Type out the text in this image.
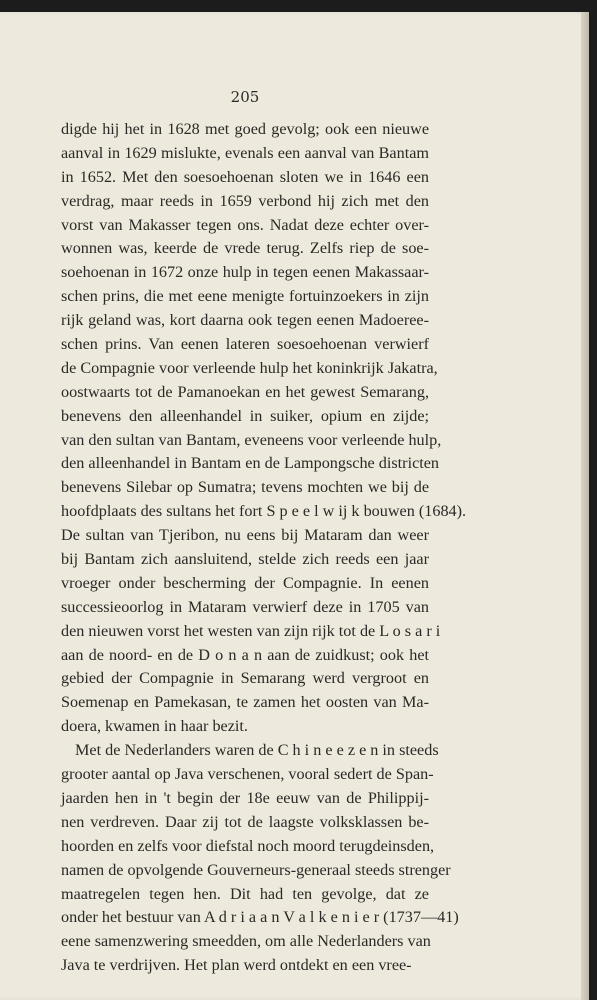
205
digde hij het in 1628 met goed gevolg; ook een nieuwe
aanval in 1629 mislukte, evenals een aanval van Bantam
in 1652. Met den soesoehoenan sloten we in 1646 een
verdrag, maar reeds in 1659 verbond hij zich met den
vorst van Makasser tegen ons. Nadat deze echter over-
wonnen was, keerde de vrede terug. Zelfs riep de soe-
soehoenan in 1672 onze hulp in tegen eenen Makassaar-
schen prins, die met eene menigte fortuinzoekers in zijn
rijk geland was, kort daarna ook tegen eenen Madoeree-
schen prins. Van eenen lateren soesoehoenan verwierf
de Compagnie voor verleende hulp het koninkrijk Jakatra,
oostwaarts tot de Pamanoekan en het gewest Semarang,
benevens den alleenhandel in suiker, opium en zijde;
van den sultan van Bantam, eveneens voor verleende hulp,
den alleenhandel in Bantam en de Lampongsche districten
benevens Silebar op Sumatra; tevens mochten we bij de
hoofdplaats des sultans het fort S p e e l w ij k bouwen (1684).
De sultan van Tjeribon, nu eens bij Mataram dan weer
bij Bantam zich aansluitend, stelde zich reeds een jaar
vroeger onder bescherming der Compagnie. In eenen
successieoorlog in Mataram verwierf deze in 1705 van
den nieuwen vorst het westen van zijn rijk tot de L o s a r i
aan de noord- en de D o n a n aan de zuidkust; ook het
gebied der Compagnie in Semarang werd vergroot en
Soemenap en Pamekasan, te zamen het oosten van Ma-
doera, kwamen in haar bezit.
Met de Nederlanders waren de C h i n e e z e n in steeds
grooter aantal op Java verschenen, vooral sedert de Span-
jaarden hen in 't begin der 18e eeuw van de Philippij-
nen verdreven. Daar zij tot de laagste volksklassen be-
hoorden en zelfs voor diefstal noch moord terugdeinsden,
namen de opvolgende Gouverneurs-generaal steeds strenger
maatregelen tegen hen. Dit had ten gevolge, dat ze
onder het bestuur van A d r i a a n V a l k e n i e r (1737—41)
eene samenzwering smeedden, om alle Nederlanders van
Java te verdrijven. Het plan werd ontdekt en een vree-
